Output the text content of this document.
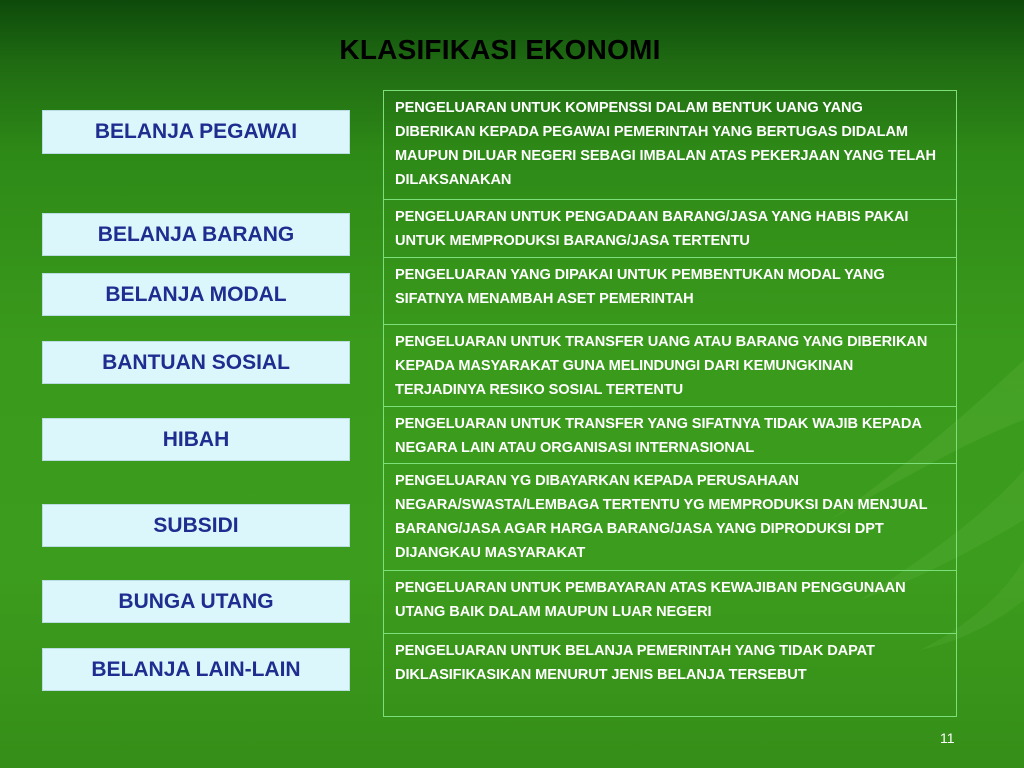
KLASIFIKASI EKONOMI
BELANJA PEGAWAI
BELANJA BARANG
BELANJA MODAL
BANTUAN SOSIAL
HIBAH
SUBSIDI
BUNGA UTANG
BELANJA LAIN-LAIN
PENGELUARAN UNTUK KOMPENSSI DALAM BENTUK UANG YANG DIBERIKAN KEPADA PEGAWAI PEMERINTAH YANG BERTUGAS DIDALAM MAUPUN DILUAR NEGERI SEBAGI IMBALAN ATAS PEKERJAAN YANG TELAH DILAKSANAKAN
PENGELUARAN UNTUK PENGADAAN BARANG/JASA YANG HABIS PAKAI UNTUK MEMPRODUKSI BARANG/JASA TERTENTU
PENGELUARAN YANG DIPAKAI UNTUK PEMBENTUKAN MODAL YANG SIFATNYA MENAMBAH ASET PEMERINTAH
PENGELUARAN UNTUK TRANSFER UANG ATAU BARANG YANG DIBERIKAN KEPADA MASYARAKAT GUNA MELINDUNGI DARI KEMUNGKINAN TERJADINYA RESIKO SOSIAL TERTENTU
PENGELUARAN UNTUK TRANSFER YANG SIFATNYA TIDAK WAJIB KEPADA NEGARA LAIN ATAU ORGANISASI INTERNASIONAL
PENGELUARAN YG DIBAYARKAN KEPADA PERUSAHAAN NEGARA/SWASTA/LEMBAGA TERTENTU YG MEMPRODUKSI DAN MENJUAL BARANG/JASA AGAR HARGA BARANG/JASA YANG DIPRODUKSI DPT DIJANGKAU MASYARAKAT
PENGELUARAN UNTUK PEMBAYARAN ATAS KEWAJIBAN PENGGUNAAN UTANG BAIK DALAM MAUPUN LUAR NEGERI
PENGELUARAN UNTUK BELANJA PEMERINTAH YANG TIDAK DAPAT DIKLASIFIKASIKAN MENURUT JENIS BELANJA TERSEBUT
11
